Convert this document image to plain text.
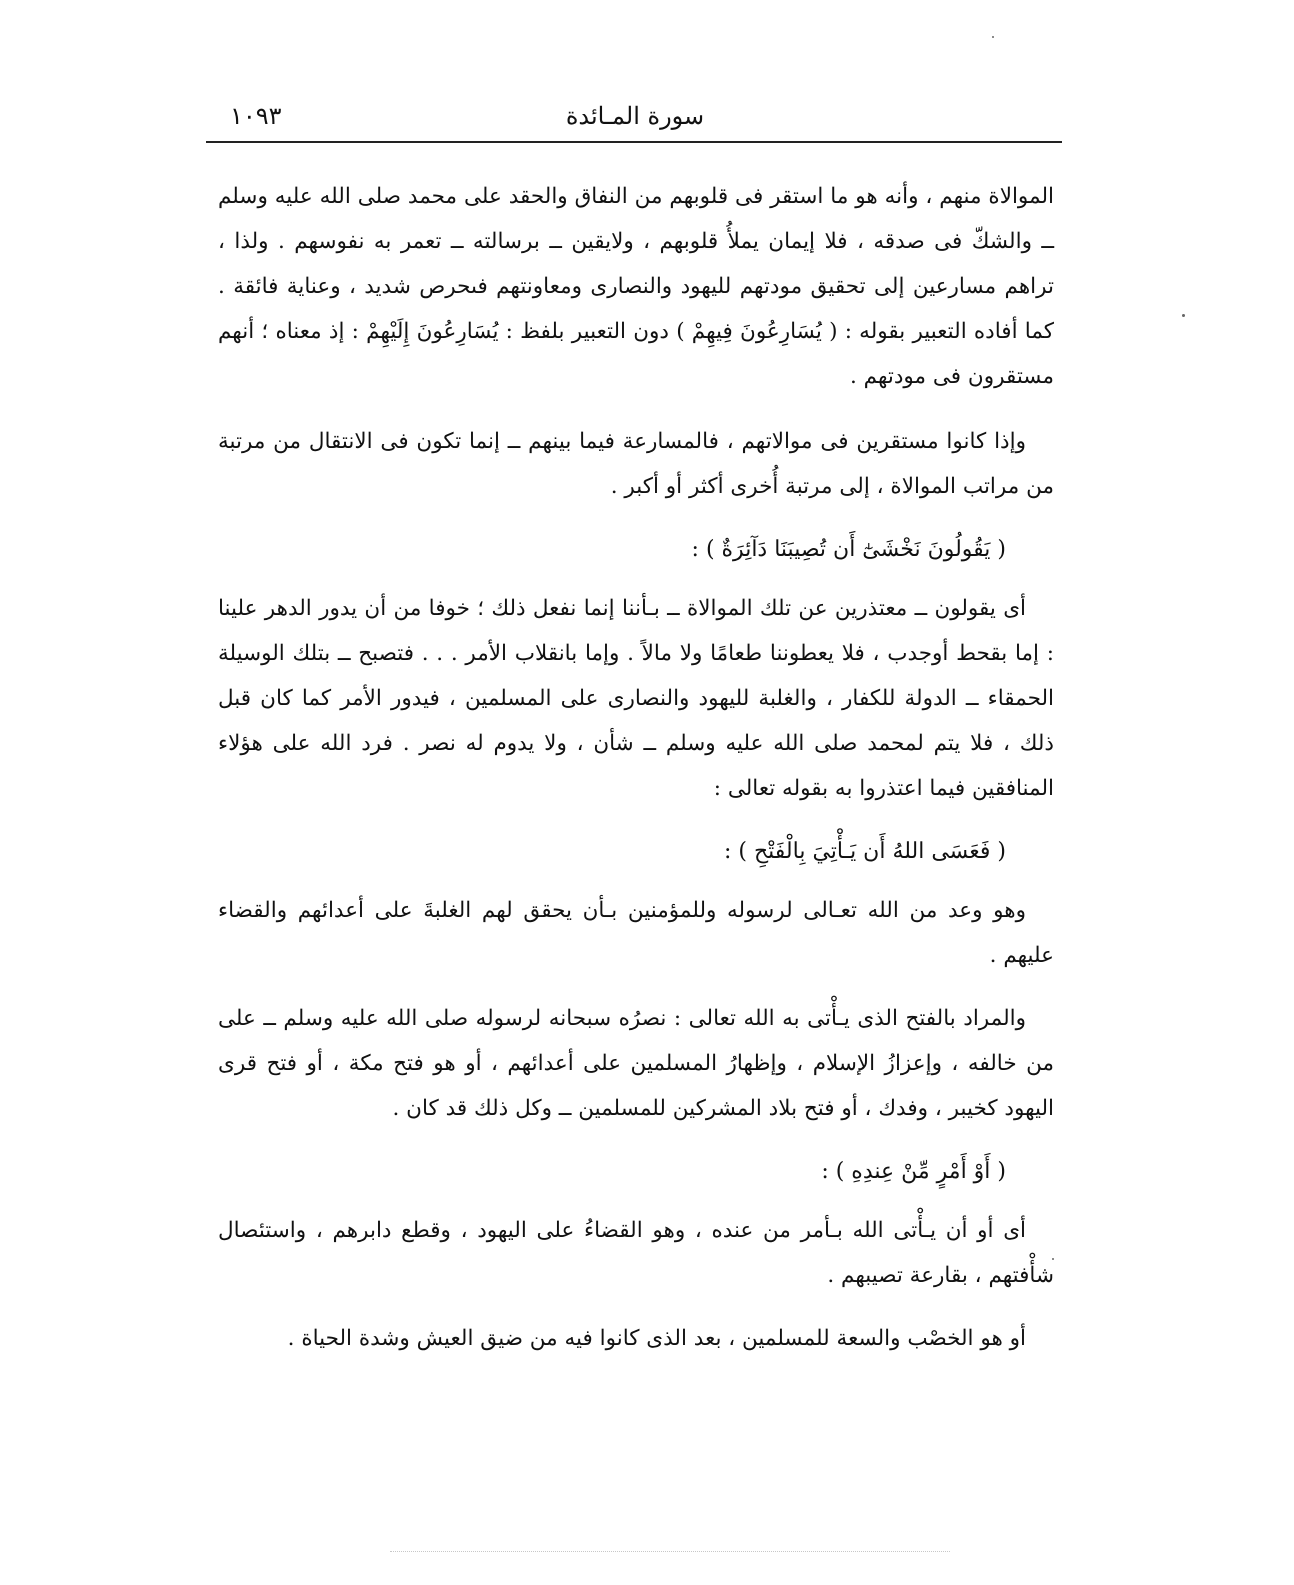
سورة المـائدة
١٠٩٣

الموالاة منهم ، وأنه هو ما استقر فى قلوبهم من النفاق والحقد على محمد صلى الله عليه وسلم ــ والشكّ فى صدقه ، فلا إيمان يملأُ قلوبهم ، ولايقين ــ برسالته ــ تعمر به نفوسهم . ولذا ، تراهم مسارعين إلى تحقيق مودتهم لليهود والنصارى ومعاونتهم فىحرص شديد ، وعناية فائقة . كما أفاده التعبير بقوله : ( يُسَارِعُونَ فِيهِمْ ) دون التعبير بلفظ : يُسَارِعُونَ إِلَيْهِمْ : إذ معناه ؛ أنهم مستقرون فى مودتهم .

وإذا كانوا مستقرين فى موالاتهم ، فالمسارعة فيما بينهم ــ إنما تكون فى الانتقال من مرتبة من مراتب الموالاة ، إلى مرتبة أُخرى أكثر أو أكبر .

( يَقُولُونَ نَخْشَىٰٓ أَن تُصِيبَنَا دَآئِرَةٌ ) :

أى يقولون ــ معتذرين عن تلك الموالاة ــ بـأننا إنما نفعل ذلك ؛ خوفا من أن يدور الدهر علينا : إما بقحط أوجدب ، فلا يعطوننا طعامًا ولا مالاً . وإما بانقلاب الأمر . . . فتصبح ــ بتلك الوسيلة الحمقاء ــ الدولة للكفار ، والغلبة لليهود والنصارى على المسلمين ، فيدور الأمر كما كان قبل ذلك ، فلا يتم لمحمد صلى الله عليه وسلم ــ شأن ، ولا يدوم له نصر . فرد الله على هؤلاء المنافقين فيما اعتذروا به بقوله تعالى :

( فَعَسَى اللهُ أَن يَـأْتِيَ بِالْفَتْحِ ) :

وهو وعد من الله تعـالى لرسوله وللمؤمنين بـأن يحقق لهم الغلبةَ على أعدائهم والقضاء عليهم .

والمراد بالفتح الذى يـأْتى به الله تعالى : نصرُه سبحانه لرسوله صلى الله عليه وسلم ــ على من خالفه ، وإعزازُ الإسلام ، وإظهارُ المسلمين على أعدائهم ، أو هو فتح مكة ، أو فتح قرى اليهود كخيبر ، وفدك ، أو فتح بلاد المشركين للمسلمين ــ وكل ذلك قد كان .

( أَوْ أَمْرٍ مِّنْ عِندِهِ ) :

أى أو أن يـأْتى الله بـأمر من عنده ، وهو القضاءُ على اليهود ، وقطع دابرهم ، واستئصال شأْفتهم ، بقارعة تصيبهم .

أو هو الخصْب والسعة للمسلمين ، بعد الذى كانوا فيه من ضيق العيش وشدة الحياة .
